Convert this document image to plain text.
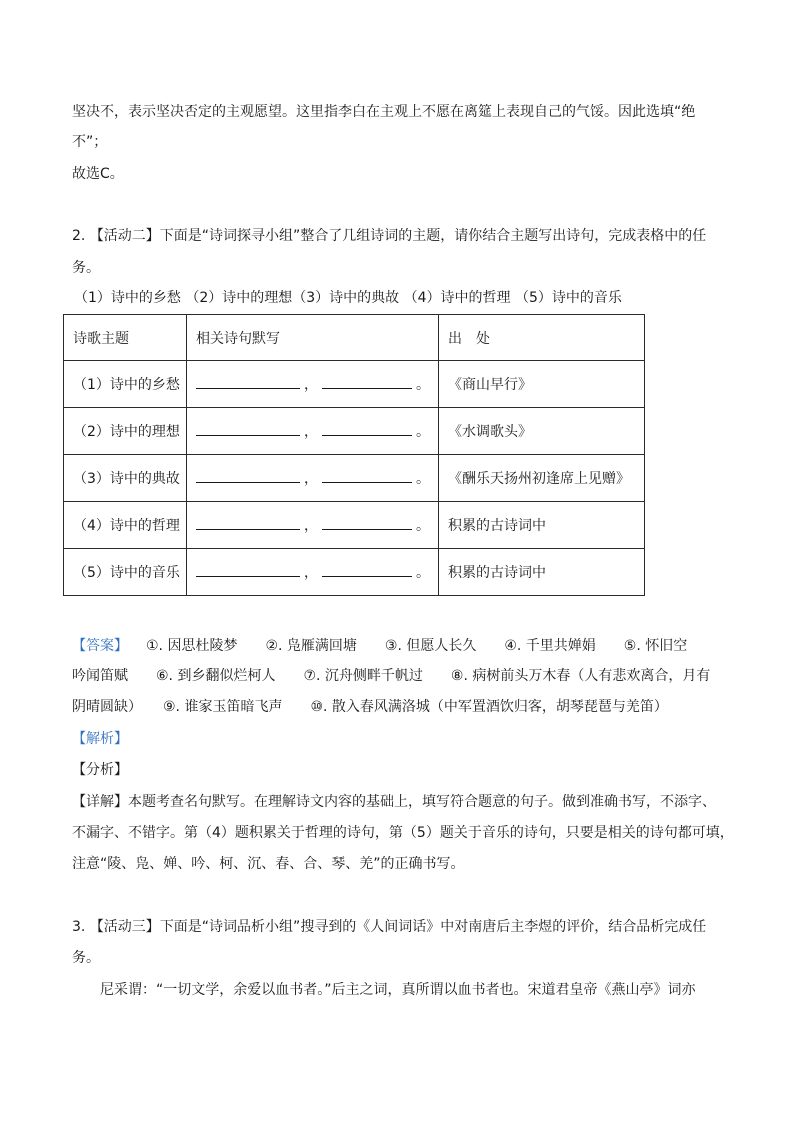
坚决不，表示坚决否定的主观愿望。这里指李白在主观上不愿在离筵上表现自己的气馁。因此选填“绝
不”；
故选C。
2. 【活动二】下面是“诗词探寻小组”整合了几组诗词的主题，请你结合主题写出诗句，完成表格中的任
务。
（1）诗中的乡愁 （2）诗中的理想（3）诗中的典故 （4）诗中的哲理 （5）诗中的音乐
诗歌主题	相关诗句默写	出　处
（1）诗中的乡愁	， 。	《商山早行》
（2）诗中的理想	， 。	《水调歌头》
（3）诗中的典故	， 。	《酬乐天扬州初逢席上见赠》
（4）诗中的哲理	， 。	积累的古诗词中
（5）诗中的音乐	， 。	积累的古诗词中
【答案】 ①. 因思杜陵梦　　②. 凫雁满回塘　　③. 但愿人长久　　④. 千里共婵娟　　⑤. 怀旧空
吟闻笛赋　　⑥. 到乡翻似烂柯人　　⑦. 沉舟侧畔千帆过　　⑧. 病树前头万木春（人有悲欢离合，月有
阴晴圆缺）　　⑨. 谁家玉笛暗飞声　　⑩. 散入春风满洛城（中军置酒饮归客，胡琴琵琶与羌笛）
【解析】
【分析】
【详解】本题考查名句默写。在理解诗文内容的基础上，填写符合题意的句子。做到准确书写，不添字、
不漏字、不错字。第（4）题积累关于哲理的诗句，第（5）题关于音乐的诗句，只要是相关的诗句都可填，
注意“陵、凫、婵、吟、柯、沉、春、合、琴、羌”的正确书写。
3. 【活动三】下面是“诗词品析小组”搜寻到的《人间词话》中对南唐后主李煜的评价，结合品析完成任
务。
尼采谓：“一切文学，余爱以血书者。”后主之词，真所谓以血书者也。宋道君皇帝《燕山亭》词亦
